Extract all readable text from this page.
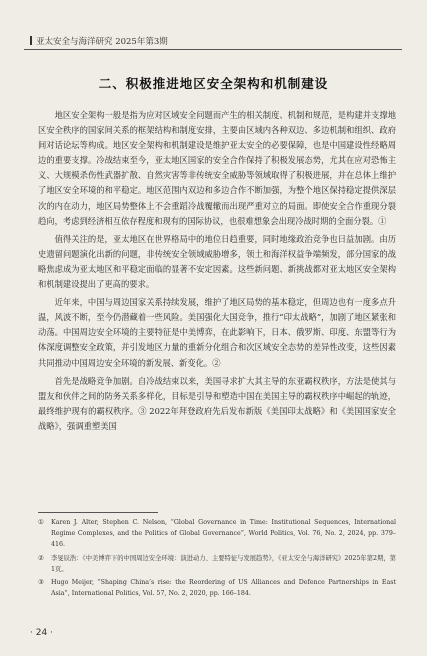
亚太安全与海洋研究 2025年第3期
二、积极推进地区安全架构和机制建设

地区安全架构一般是指为应对区域安全问题而产生的相关制度、机制和规范，是构建并支撑地区安全秩序的国家间关系的框架结构和制度安排，主要由区域内各种双边、多边机制和组织、政府间对话论坛等构成。地区安全架构和机制建设是维护亚太安全的必要保障，也是中国建设性经略周边的重要支撑。冷战结束至今，亚太地区国家的安全合作保持了积极发展态势，尤其在应对恐怖主义、大规模杀伤性武器扩散、自然灾害等非传统安全威胁等领域取得了积极进展，并在总体上维护了地区安全环境的和平稳定。地区范围内双边和多边合作不断加强，为整个地区保持稳定提供深层次的内在动力，地区局势整体上不会重蹈冷战覆辙而出现严重对立的局面。即使安全合作重现分裂趋向，考虑到经济相互依存程度和现有的国际协议，也很难想象会出现冷战时期的全面分裂。①

值得关注的是，亚太地区在世界格局中的地位日趋重要，同时地缘政治竞争也日益加剧。由历史遗留问题演化出新的问题，非传统安全领域威胁增多，领土和海洋权益争端频发，部分国家的战略焦虑成为亚太地区和平稳定面临的显著不安定因素。这些新问题、新挑战都对亚太地区安全架构和机制建设提出了更高的要求。

近年来，中国与周边国家关系持续发展，维护了地区局势的基本稳定，但周边也有一度多点升温，风波不断，至今仍潜藏着一些风险。美国强化大国竞争，推行“印太战略”，加剧了地区紧张和动荡。中国周边安全环境的主要特征是中美博弈，在此影响下，日本、俄罗斯、印度、东盟等行为体深度调整安全政策，并引发地区力量的重新分化组合和次区域安全态势的差异性改变，这些因素共同推动中国周边安全环境的新发展、新变化。②

首先是战略竞争加剧。自冷战结束以来，美国寻求扩大其主导的东亚霸权秩序，方法是使其与盟友和伙伴之间的防务关系多样化，目标是引导和塑造中国在美国主导的霸权秩序中崛起的轨迹，最终维护现有的霸权秩序。③ 2022年拜登政府先后发布新版《美国印太战略》和《美国国家安全战略》，强调重塑美国

①	Karen J. Alter, Stephen C. Nelson, “Global Governance in Time: Institutional Sequences, International Regime Complexes, and the Politics of Global Governance”, World Politics, Vol. 76, No. 2, 2024, pp. 379–416.
②	李旻辰浩：《中美博弈下的中国周边安全环境：演进动力、主要特征与发展趋势》，《亚太安全与海洋研究》2025年第2期，第1页。
③	Hugo Meijer, “Shaping China’s rise: the Reordering of US Alliances and Defence Partnerships in East Asia”, International Politics, Vol. 57, No. 2, 2020, pp. 166–184.
· 24 ·
